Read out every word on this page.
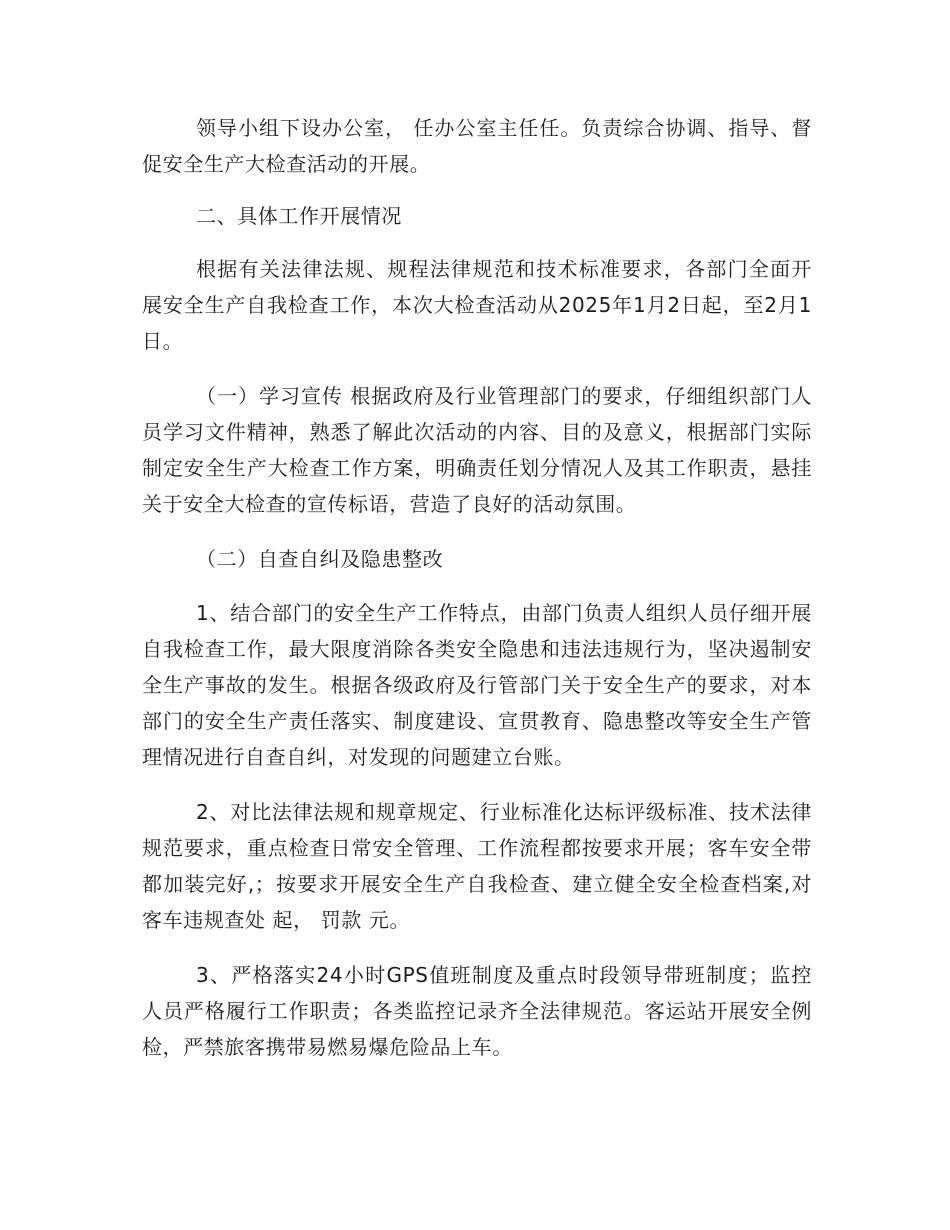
领导小组下设办公室， 任办公室主任任。负责综合协调、指导、督促安全生产大检查活动的开展。

二、具体工作开展情况

根据有关法律法规、规程法律规范和技术标准要求，各部门全面开展安全生产自我检查工作，本次大检查活动从2025年1月2日起，至2月1日。

（一）学习宣传 根据政府及行业管理部门的要求，仔细组织部门人员学习文件精神，熟悉了解此次活动的内容、目的及意义，根据部门实际制定安全生产大检查工作方案，明确责任划分情况人及其工作职责，悬挂关于安全大检查的宣传标语，营造了良好的活动氛围。

（二）自查自纠及隐患整改

1、结合部门的安全生产工作特点，由部门负责人组织人员仔细开展自我检查工作，最大限度消除各类安全隐患和违法违规行为，坚决遏制安全生产事故的发生。根据各级政府及行管部门关于安全生产的要求，对本部门的安全生产责任落实、制度建设、宣贯教育、隐患整改等安全生产管理情况进行自查自纠，对发现的问题建立台账。

2、对比法律法规和规章规定、行业标准化达标评级标准、技术法律规范要求，重点检查日常安全管理、工作流程都按要求开展；客车安全带都加装完好,；按要求开展安全生产自我检查、建立健全安全检查档案,对客车违规查处 起， 罚款 元。

3、严格落实24小时GPS值班制度及重点时段领导带班制度；监控人员严格履行工作职责；各类监控记录齐全法律规范。客运站开展安全例检，严禁旅客携带易燃易爆危险品上车。
